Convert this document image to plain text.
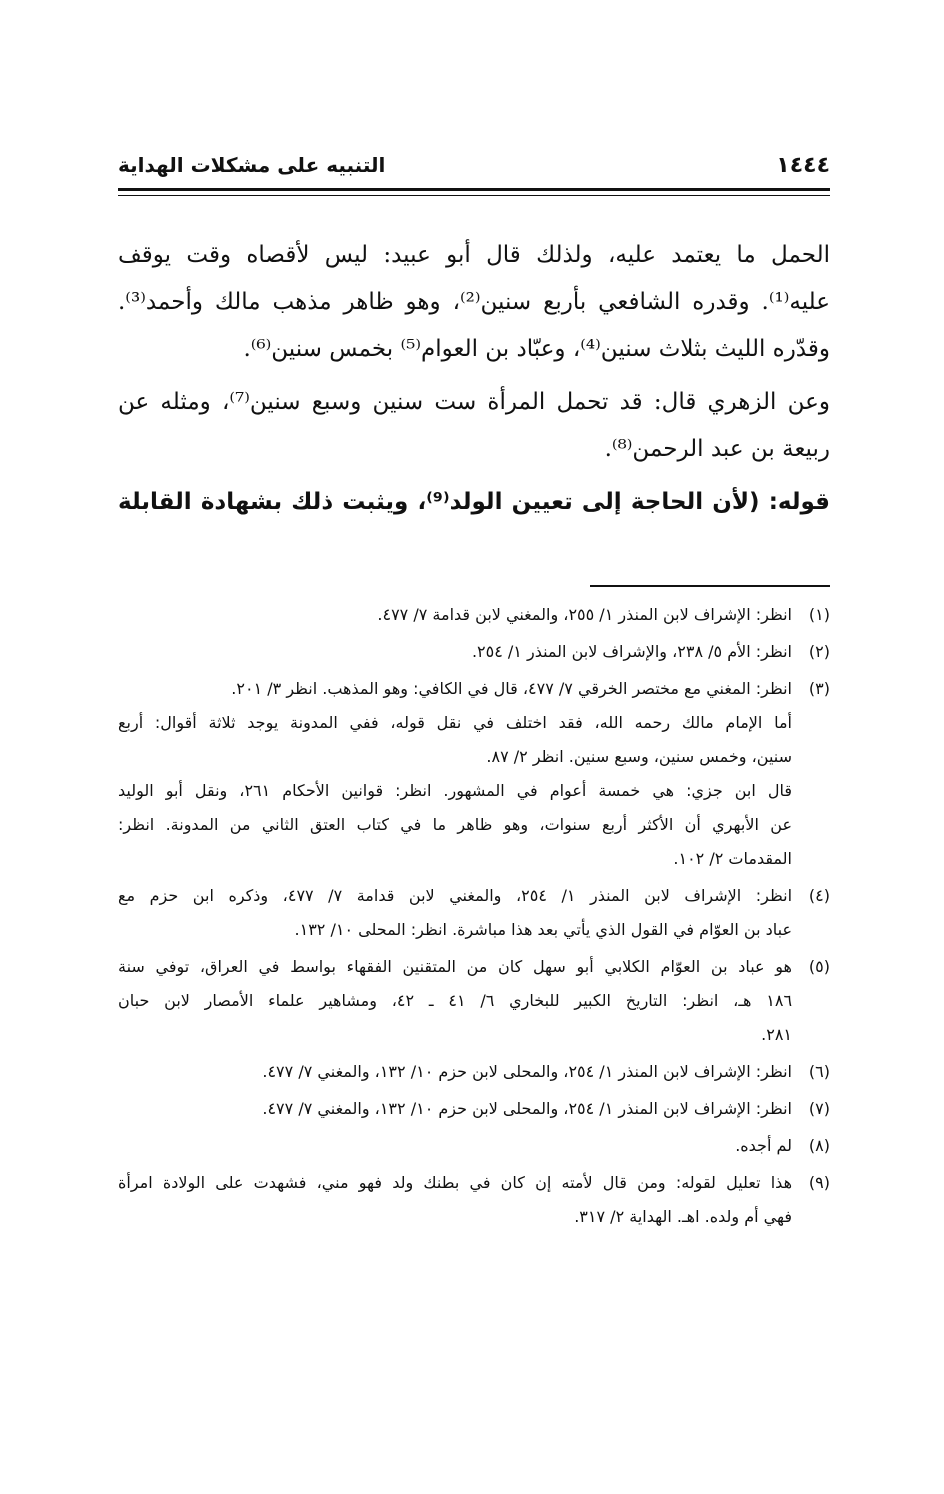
التنبيه على مشكلات الهداية	١٤٤٤

الحمل ما يعتمد عليه، ولذلك قال أبو عبيد: ليس لأقصاه وقت يوقف
عليه⁽¹⁾. وقدره الشافعي بأربع سنين⁽²⁾، وهو ظاهر مذهب مالك وأحمد⁽³⁾.
وقدّره الليث بثلاث سنين⁽⁴⁾، وعبّاد بن العوام⁽⁵⁾ بخمس سنين⁽⁶⁾.

وعن الزهري قال: قد تحمل المرأة ست سنين وسبع سنين⁽⁷⁾، ومثله عن
ربيعة بن عبد الرحمن⁽⁸⁾.

قوله: (لأن الحاجة إلى تعيين الولد⁽⁹⁾، ويثبت ذلك بشهادة القابلة

(١)
انظر: الإشراف لابن المنذر ١/ ٢٥٥، والمغني لابن قدامة ٧/ ٤٧٧.
(٢)
انظر: الأم ٥/ ٢٣٨، والإشراف لابن المنذر ١/ ٢٥٤.
(٣)
انظر: المغني مع مختصر الخرقي ٧/ ٤٧٧، قال في الكافي: وهو المذهب. انظر ٣/ ٢٠١.
أما الإمام مالك رحمه الله، فقد اختلف في نقل قوله، ففي المدونة يوجد ثلاثة أقوال: أربع
سنين، وخمس سنين، وسبع سنين. انظر ٢/ ٨٧.
قال ابن جزي: هي خمسة أعوام في المشهور. انظر: قوانين الأحكام ٢٦١، ونقل أبو الوليد
عن الأبهري أن الأكثر أربع سنوات، وهو ظاهر ما في كتاب العتق الثاني من المدونة. انظر:
المقدمات ٢/ ١٠٢.
(٤)
انظر: الإشراف لابن المنذر ١/ ٢٥٤، والمغني لابن قدامة ٧/ ٤٧٧، وذكره ابن حزم مع
عباد بن العوّام في القول الذي يأتي بعد هذا مباشرة. انظر: المحلى ١٠/ ١٣٢.
(٥)
هو عباد بن العوّام الكلابي أبو سهل كان من المتقنين الفقهاء بواسط في العراق، توفي سنة
١٨٦ هـ، انظر: التاريخ الكبير للبخاري ٦/ ٤١ ـ ٤٢، ومشاهير علماء الأمصار لابن حبان
٢٨١.
(٦)
انظر: الإشراف لابن المنذر ١/ ٢٥٤، والمحلى لابن حزم ١٠/ ١٣٢، والمغني ٧/ ٤٧٧.
(٧)
انظر: الإشراف لابن المنذر ١/ ٢٥٤، والمحلى لابن حزم ١٠/ ١٣٢، والمغني ٧/ ٤٧٧.
(٨)
لم أجده.
(٩)
هذا تعليل لقوله: ومن قال لأمته إن كان في بطنك ولد فهو مني، فشهدت على الولادة امرأة
فهي أم ولده. اهـ. الهداية ٢/ ٣١٧.
